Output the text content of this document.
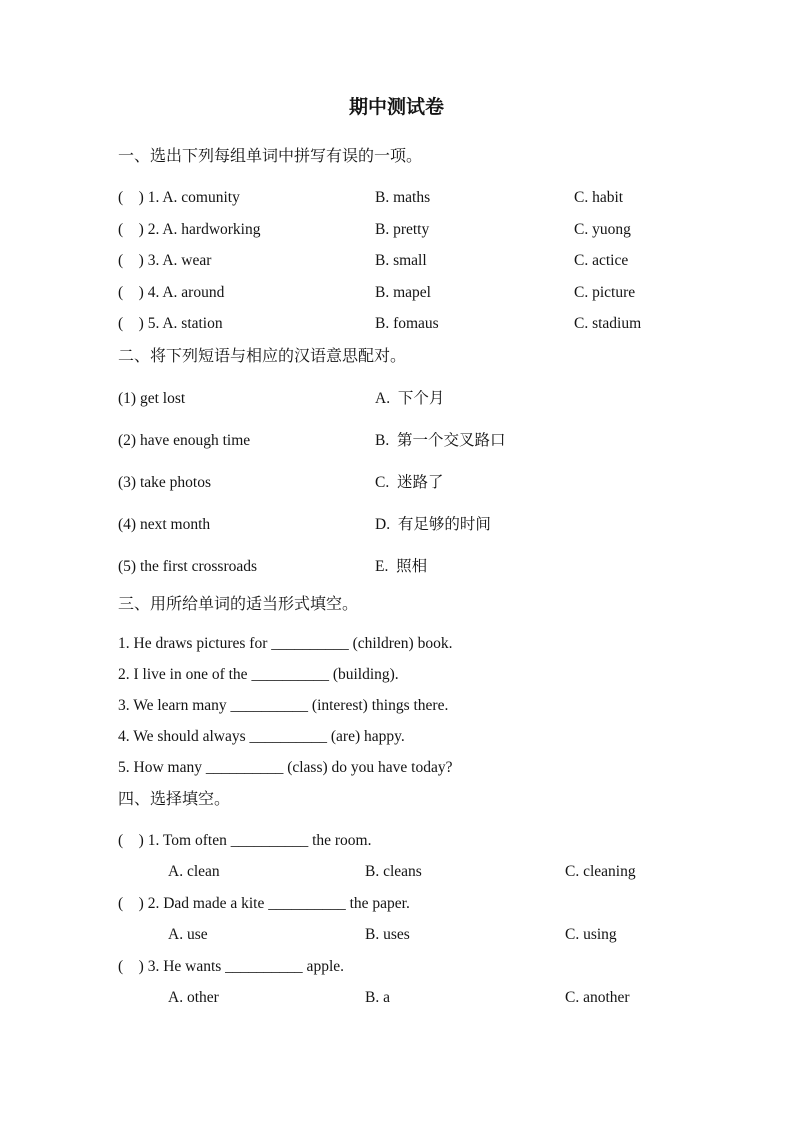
期中测试卷
一、选出下列每组单词中拼写有误的一项。
(    ) 1. A. comunity	B. maths	C. habit
(    ) 2. A. hardworking	B. pretty	C. yuong
(    ) 3. A. wear	B. small	C. actice
(    ) 4. A. around	B. mapel	C. picture
(    ) 5. A. station	B. fomaus	C. stadium
二、将下列短语与相应的汉语意思配对。
(1) get lost	A.  下个月
(2) have enough time	B.  第一个交叉路口
(3) take photos	C.  迷路了
(4) next month	D.  有足够的时间
(5) the first crossroads	E.  照相
三、用所给单词的适当形式填空。
1. He draws pictures for __________ (children) book.
2. I live in one of the __________ (building).
3. We learn many __________ (interest) things there.
4. We should always __________ (are) happy.
5. How many __________ (class) do you have today?
四、选择填空。
(    ) 1. Tom often __________ the room.
A. clean	B. cleans	C. cleaning
(    ) 2. Dad made a kite __________ the paper.
A. use	B. uses	C. using
(    ) 3. He wants __________ apple.
A. other	B. a	C. another
